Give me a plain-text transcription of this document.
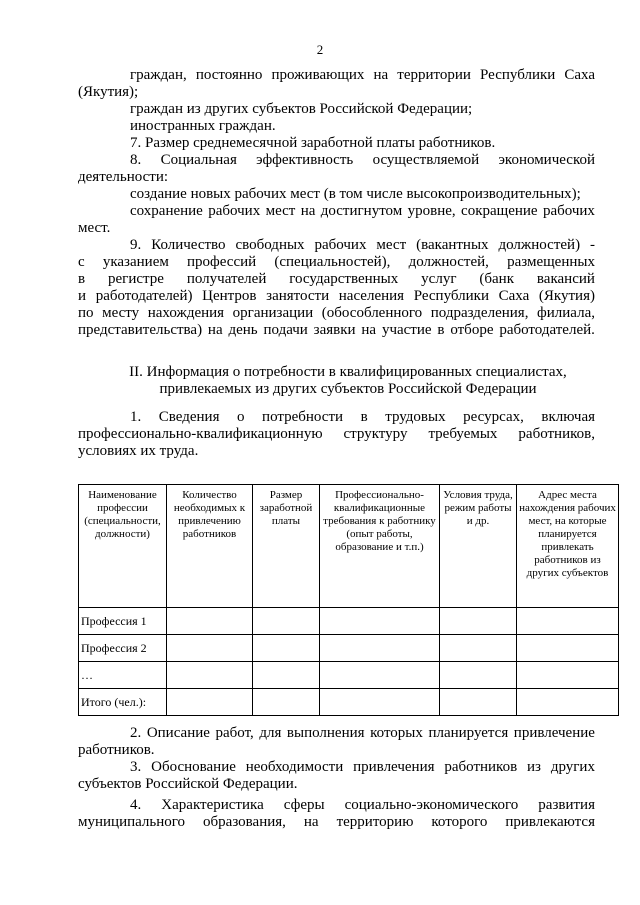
2
граждан, постоянно проживающих на территории Республики Саха
(Якутия);
граждан из других субъектов Российской Федерации;
иностранных граждан.
7. Размер среднемесячной заработной платы работников.
8. Социальная эффективность осуществляемой экономической
деятельности:
создание новых рабочих мест (в том числе высокопроизводительных);
сохранение рабочих мест на достигнутом уровне, сокращение рабочих
мест.
9. Количество свободных рабочих мест (вакантных должностей) -
с указанием профессий (специальностей), должностей, размещенных
в регистре получателей государственных услуг (банк вакансий
и работодателей) Центров занятости населения Республики Саха (Якутия)
по месту нахождения организации (обособленного подразделения, филиала,
представительства) на день подачи заявки на участие в отборе работодателей.
1. Сведения о потребности в трудовых ресурсах, включая
профессионально-квалификационную структуру требуемых работников,
условиях их труда.
2. Описание работ, для выполнения которых планируется привлечение
работников.
3. Обоснование необходимости привлечения работников из других
субъектов Российской Федерации.
4. Характеристика сферы социально-экономического развития
муниципального образования, на территорию которого привлекаются
II. Информация о потребности в квалифицированных специалистах,
привлекаемых из других субъектов Российской Федерации
Наименование профессии (специальности, должности)	Количество необходимых к привлечению работников	Размер заработной платы	Профессионально-квалификационные требования к работнику (опыт работы, образование и т.п.)	Условия труда, режим работы и др.	Адрес места нахождения рабочих мест, на которые планируется привлекать работников из других субъектов
Профессия 1					
Профессия 2					
…					
Итого (чел.):					
